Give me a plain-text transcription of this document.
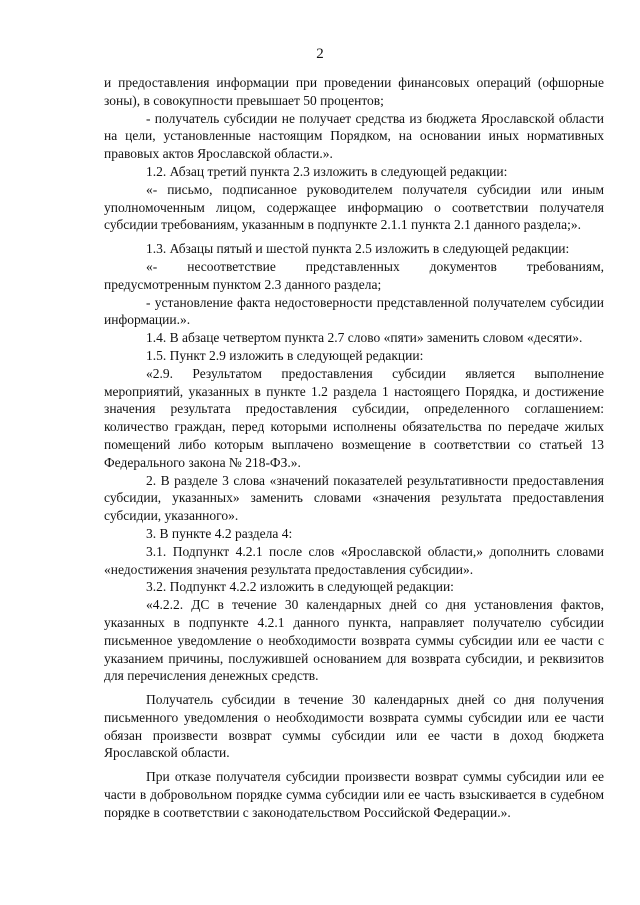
2

и предоставления информации при проведении финансовых операций (офшорные зоны), в совокупности превышает 50 процентов;

- получатель субсидии не получает средства из бюджета Ярославской области на цели, установленные настоящим Порядком, на основании иных нормативных правовых актов Ярославской области.».

1.2. Абзац третий пункта 2.3 изложить в следующей редакции:

«- письмо, подписанное руководителем получателя субсидии или иным уполномоченным лицом, содержащее информацию о соответствии получателя субсидии требованиям, указанным в подпункте 2.1.1 пункта 2.1 данного раздела;».

1.3. Абзацы пятый и шестой пункта 2.5 изложить в следующей редакции:

«- несоответствие представленных документов требованиям, предусмотренным пунктом 2.3 данного раздела;

- установление факта недостоверности представленной получателем субсидии информации.».

1.4. В абзаце четвертом пункта 2.7 слово «пяти» заменить словом «десяти».

1.5. Пункт 2.9 изложить в следующей редакции:

«2.9. Результатом предоставления субсидии является выполнение мероприятий, указанных в пункте 1.2 раздела 1 настоящего Порядка, и достижение значения результата предоставления субсидии, определенного соглашением: количество граждан, перед которыми исполнены обязательства по передаче жилых помещений либо которым выплачено возмещение в соответствии со статьей 13 Федерального закона № 218-ФЗ.».

2. В разделе 3 слова «значений показателей результативности предоставления субсидии, указанных» заменить словами «значения результата предоставления субсидии, указанного».

3. В пункте 4.2 раздела 4:

3.1. Подпункт 4.2.1 после слов «Ярославской области,» дополнить словами «недостижения значения результата предоставления субсидии».

3.2. Подпункт 4.2.2 изложить в следующей редакции:

«4.2.2. ДС в течение 30 календарных дней со дня установления фактов, указанных в подпункте 4.2.1 данного пункта, направляет получателю субсидии письменное уведомление о необходимости возврата суммы субсидии или ее части с указанием причины, послужившей основанием для возврата субсидии, и реквизитов для перечисления денежных средств.

Получатель субсидии в течение 30 календарных дней со дня получения письменного уведомления о необходимости возврата суммы субсидии или ее части обязан произвести возврат суммы субсидии или ее части в доход бюджета Ярославской области.

При отказе получателя субсидии произвести возврат суммы субсидии или ее части в добровольном порядке сумма субсидии или ее часть взыскивается в судебном порядке в соответствии с законодательством Российской Федерации.».
